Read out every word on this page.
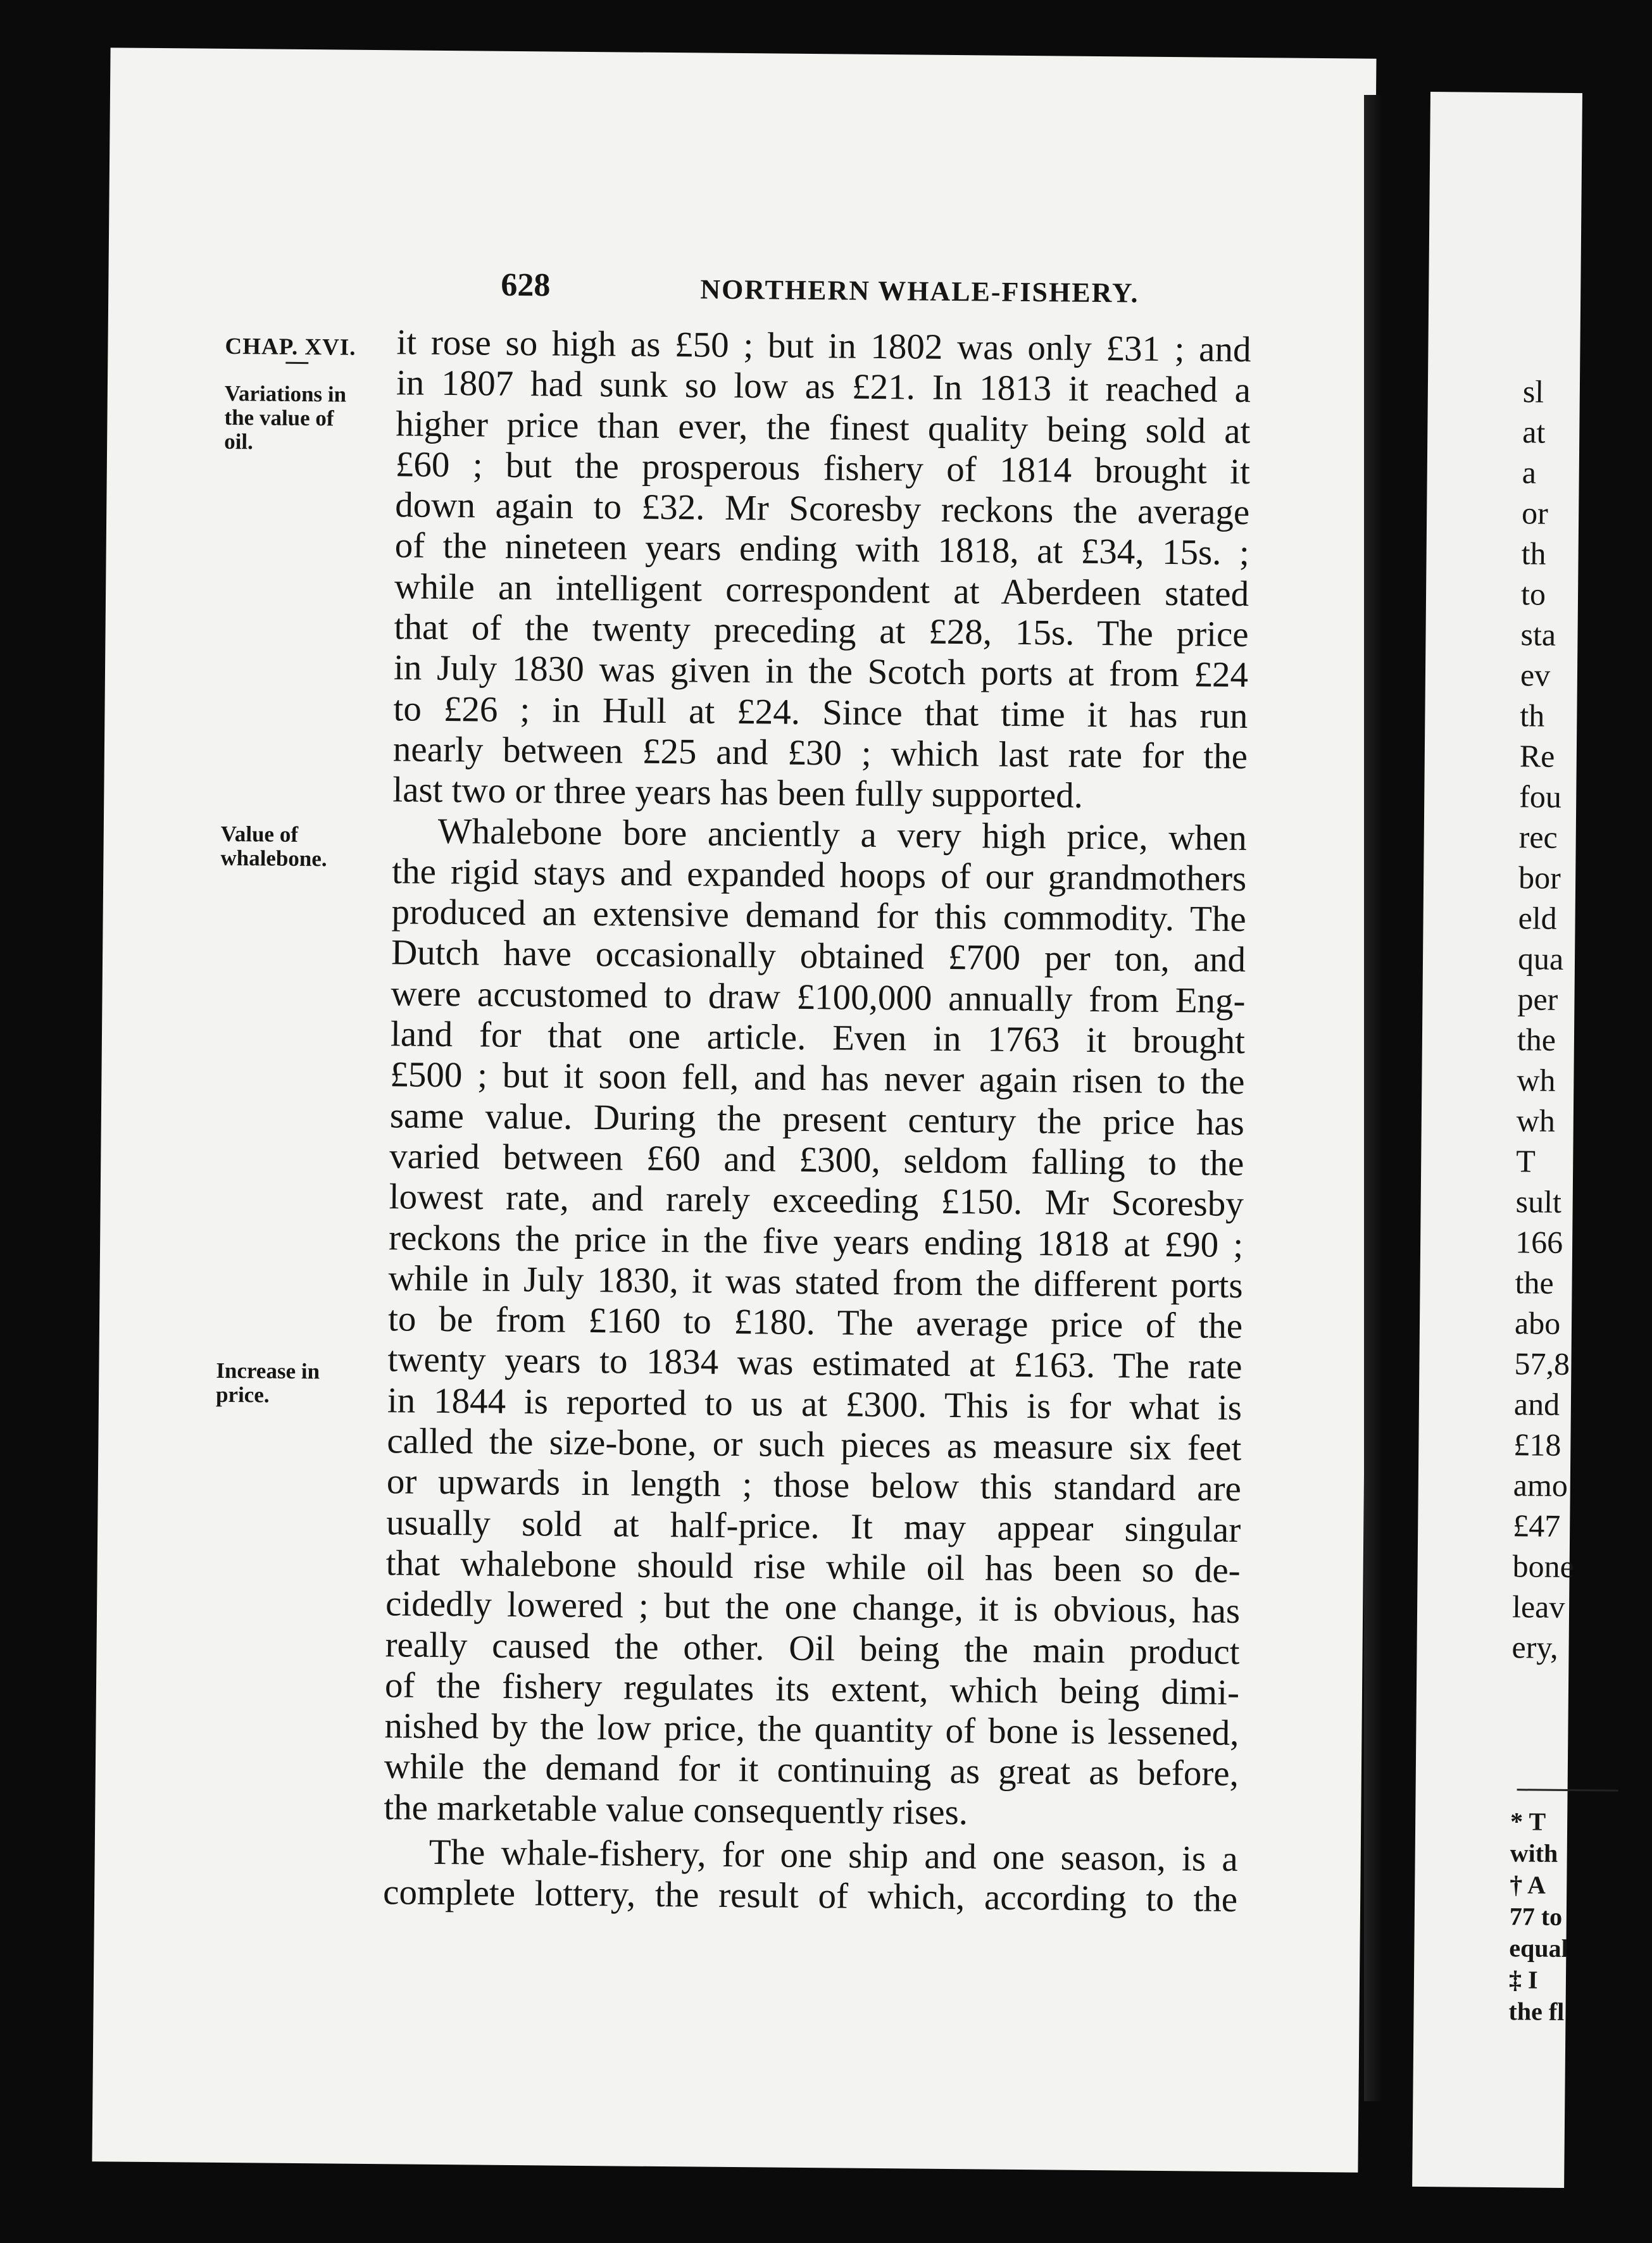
628	NORTHERN WHALE-FISHERY.
CHAP. XVI.
Variations in
the value of
oil.
Value of
whalebone.
Increase in
price.
it rose so high as £50 ; but in 1802 was only £31 ; and
in 1807 had sunk so low as £21. In 1813 it reached a
higher price than ever, the finest quality being sold at
£60 ; but the prosperous fishery of 1814 brought it
down again to £32. Mr Scoresby reckons the average
of the nineteen years ending with 1818, at £34, 15s. ;
while an intelligent correspondent at Aberdeen stated
that of the twenty preceding at £28, 15s. The price
in July 1830 was given in the Scotch ports at from £24
to £26 ; in Hull at £24. Since that time it has run
nearly between £25 and £30 ; which last rate for the
last two or three years has been fully supported.
Whalebone bore anciently a very high price, when
the rigid stays and expanded hoops of our grandmothers
produced an extensive demand for this commodity. The
Dutch have occasionally obtained £700 per ton, and
were accustomed to draw £100,000 annually from Eng-
land for that one article. Even in 1763 it brought
£500 ; but it soon fell, and has never again risen to the
same value. During the present century the price has
varied between £60 and £300, seldom falling to the
lowest rate, and rarely exceeding £150. Mr Scoresby
reckons the price in the five years ending 1818 at £90 ;
while in July 1830, it was stated from the different ports
to be from £160 to £180. The average price of the
twenty years to 1834 was estimated at £163. The rate
in 1844 is reported to us at £300. This is for what is
called the size-bone, or such pieces as measure six feet
or upwards in length ; those below this standard are
usually sold at half-price. It may appear singular
that whalebone should rise while oil has been so de-
cidedly lowered ; but the one change, it is obvious, has
really caused the other. Oil being the main product
of the fishery regulates its extent, which being dimi-
nished by the low price, the quantity of bone is lessened,
while the demand for it continuing as great as before,
the marketable value consequently rises.
The whale-fishery, for one ship and one season, is a
complete lottery, the result of which, according to the
sl
at
a
or
th
to
sta
ev
th
Re
fou
rec
bor
eld
qua
per
the
wh
wh
T
sult
166
the
abo
57,8
and
£18
amo
£47
bone
leav
ery,
* T
with
† A
77 to
equal
‡ I
the fl
